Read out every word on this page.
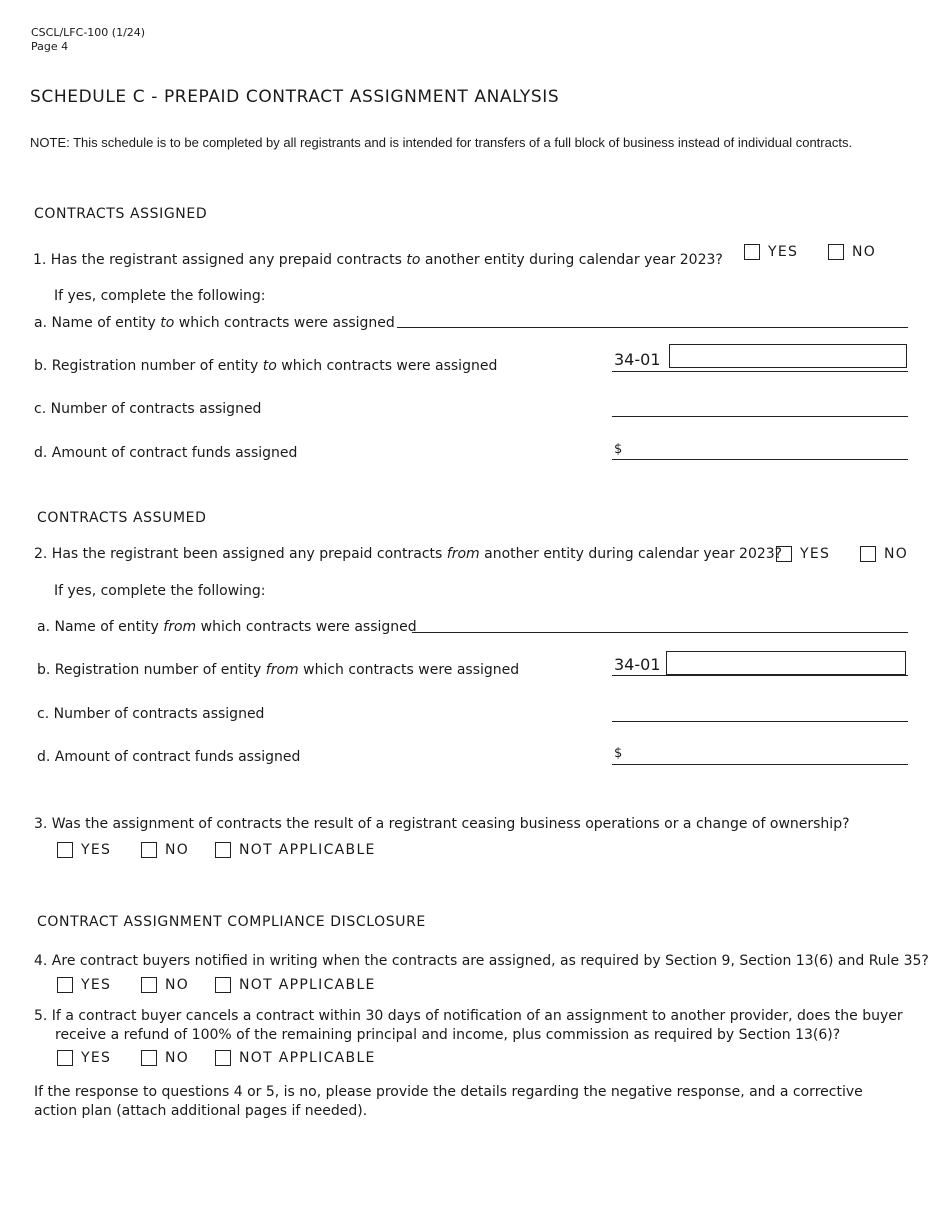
CSCL/LFC-100 (1/24)
Page 4
SCHEDULE C - PREPAID CONTRACT ASSIGNMENT ANALYSIS
NOTE: This schedule is to be completed by all registrants and is intended for transfers of a full block of business instead of individual contracts.
CONTRACTS ASSIGNED
1. Has the registrant assigned any prepaid contracts to another entity during calendar year 2023?	YES	NO
If yes, complete the following:
a. Name of entity to which contracts were assigned
b. Registration number of entity to which contracts were assigned	34-01
c. Number of contracts assigned
d. Amount of contract funds assigned	$
CONTRACTS ASSUMED
2. Has the registrant been assigned any prepaid contracts from another entity during calendar year 2023?	YES	NO
If yes, complete the following:
a. Name of entity from which contracts were assigned
b. Registration number of entity from which contracts were assigned	34-01
c. Number of contracts assigned
d. Amount of contract funds assigned	$
3. Was the assignment of contracts the result of a registrant ceasing business operations or a change of ownership?
YES	NO	NOT APPLICABLE
CONTRACT ASSIGNMENT COMPLIANCE DISCLOSURE
4. Are contract buyers notified in writing when the contracts are assigned, as required by Section 9, Section 13(6) and Rule 35?
YES	NO	NOT APPLICABLE
5. If a contract buyer cancels a contract within 30 days of notification of an assignment to another provider, does the buyer
receive a refund of 100% of the remaining principal and income, plus commission as required by Section 13(6)?
YES	NO	NOT APPLICABLE
If the response to questions 4 or 5, is no, please provide the details regarding the negative response, and a corrective action plan (attach additional pages if needed).
